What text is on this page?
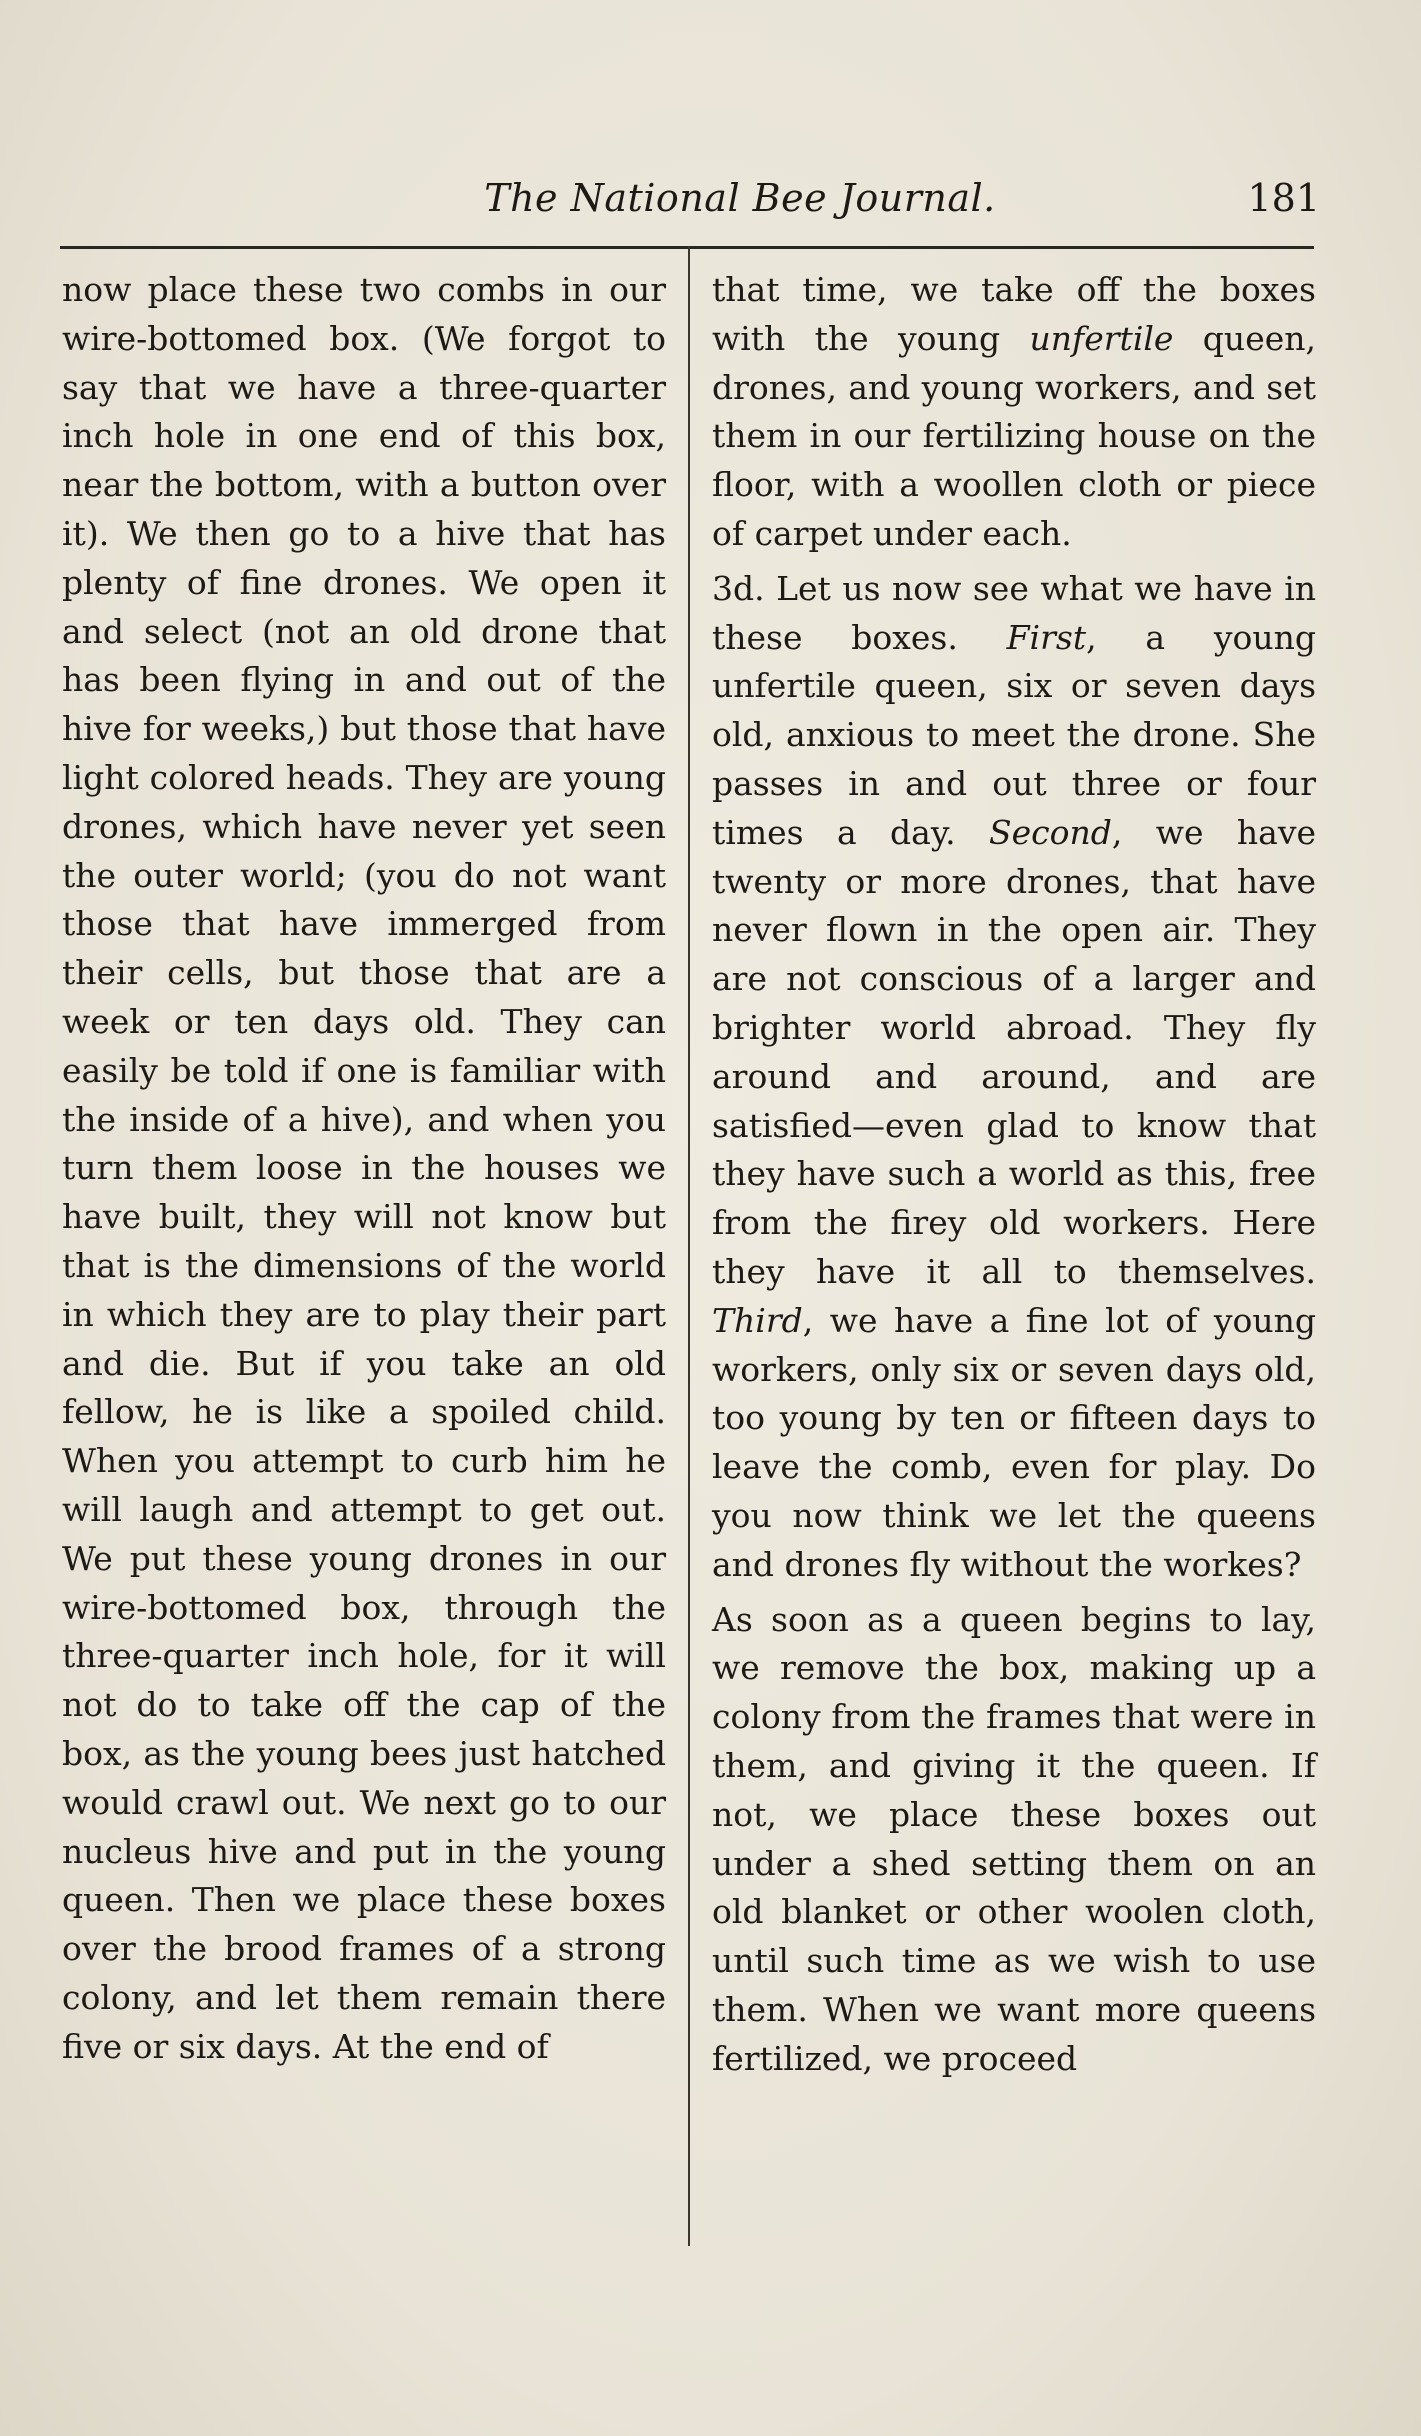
The National Bee Journal.	181

now place these two combs in our wire-bottomed box. (We forgot to say that we have a three-quarter inch hole in one end of this box, near the bottom, with a button over it). We then go to a hive that has plenty of fine drones. We open it and select (not an old drone that has been flying in and out of the hive for weeks,) but those that have light colored heads. They are young drones, which have never yet seen the outer world; (you do not want those that have immerged from their cells, but those that are a week or ten days old. They can easily be told if one is familiar with the inside of a hive), and when you turn them loose in the houses we have built, they will not know but that is the dimensions of the world in which they are to play their part and die. But if you take an old fellow, he is like a spoiled child. When you attempt to curb him he will laugh and attempt to get out. We put these young drones in our wire-bottomed box, through the three-quarter inch hole, for it will not do to take off the cap of the box, as the young bees just hatched would crawl out. We next go to our nucleus hive and put in the young queen. Then we place these boxes over the brood frames of a strong colony, and let them remain there five or six days. At the end of

that time, we take off the boxes with the young unfertile queen, drones, and young workers, and set them in our fertilizing house on the floor, with a woollen cloth or piece of carpet under each.

3d. Let us now see what we have in these boxes. First, a young unfertile queen, six or seven days old, anxious to meet the drone. She passes in and out three or four times a day. Second, we have twenty or more drones, that have never flown in the open air. They are not conscious of a larger and brighter world abroad. They fly around and around, and are satisfied—even glad to know that they have such a world as this, free from the firey old workers. Here they have it all to themselves. Third, we have a fine lot of young workers, only six or seven days old, too young by ten or fifteen days to leave the comb, even for play. Do you now think we let the queens and drones fly without the workes?

As soon as a queen begins to lay, we remove the box, making up a colony from the frames that were in them, and giving it the queen. If not, we place these boxes out under a shed setting them on an old blanket or other woolen cloth, until such time as we wish to use them. When we want more queens fertilized, we proceed
